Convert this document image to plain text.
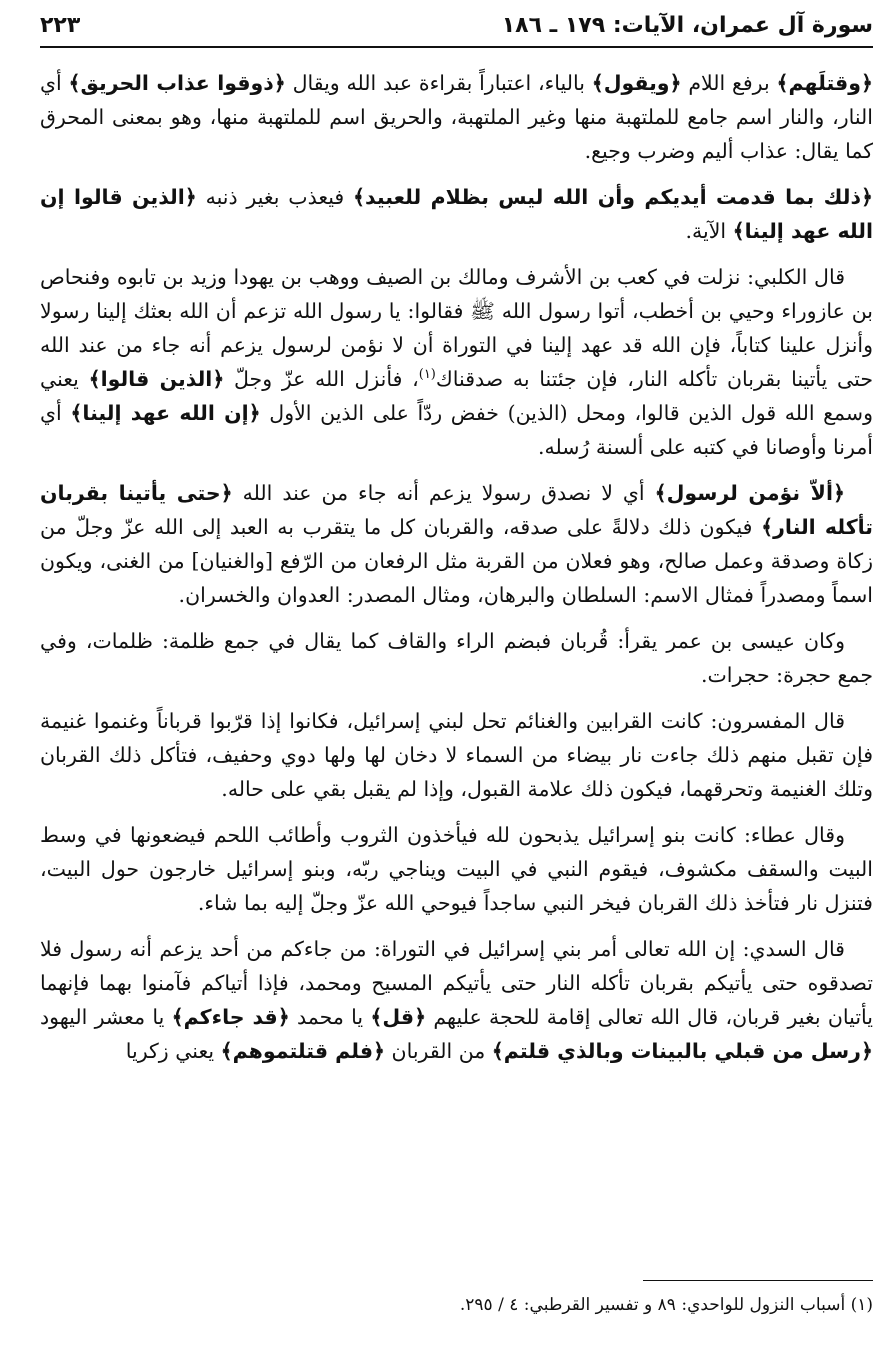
سورة آل عمران، الآيات: ١٧٩ ـ ١٨٦
٢٢٣

﴿وقتلَهم﴾ برفع اللام ﴿ويقول﴾ بالياء، اعتباراً بقراءة عبد الله ويقال ﴿ذوقوا عذاب الحريق﴾ أي النار، والنار اسم جامع للملتهبة منها وغير الملتهبة، والحريق اسم للملتهبة منها، وهو بمعنى المحرق كما يقال: عذاب أليم وضرب وجيع.

﴿ذلك بما قدمت أيديكم وأن الله ليس بظلام للعبيد﴾ فيعذب بغير ذنبه ﴿الذين قالوا إن الله عهد إلينا﴾ الآية.

قال الكلبي: نزلت في كعب بن الأشرف ومالك بن الصيف ووهب بن يهودا وزيد بن تابوه وفنحاص بن عازوراء وحيي بن أخطب، أتوا رسول الله ﷺ فقالوا: يا رسول الله تزعم أن الله بعثك إلينا رسولا وأنزل علينا كتاباً، فإن الله قد عهد إلينا في التوراة أن لا نؤمن لرسول يزعم أنه جاء من عند الله حتى يأتينا بقربان تأكله النار، فإن جئتنا به صدقناك$^{(١)}$، فأنزل الله عزّ وجلّ ﴿الذين قالوا﴾ يعني وسمع الله قول الذين قالوا، ومحل (الذين) خفض ردّاً على الذين الأول ﴿إن الله عهد إلينا﴾ أي أمرنا وأوصانا في كتبه على ألسنة رُسله.

﴿ألاّ نؤمن لرسول﴾ أي لا نصدق رسولا يزعم أنه جاء من عند الله ﴿حتى يأتينا بقربان تأكله النار﴾ فيكون ذلك دلالةً على صدقه، والقربان كل ما يتقرب به العبد إلى الله عزّ وجلّ من زكاة وصدقة وعمل صالح، وهو فعلان من القربة مثل الرفعان من الرّفع [والغنيان] من الغنى، ويكون اسماً ومصدراً فمثال الاسم: السلطان والبرهان، ومثال المصدر: العدوان والخسران.

وكان عيسى بن عمر يقرأ: قُربان فبضم الراء والقاف كما يقال في جمع ظلمة: ظلمات، وفي جمع حجرة: حجرات.

قال المفسرون: كانت القرابين والغنائم تحل لبني إسرائيل، فكانوا إذا قرّبوا قرباناً وغنموا غنيمة فإن تقبل منهم ذلك جاءت نار بيضاء من السماء لا دخان لها ولها دوي وحفيف، فتأكل ذلك القربان وتلك الغنيمة وتحرقهما، فيكون ذلك علامة القبول، وإذا لم يقبل بقي على حاله.

وقال عطاء: كانت بنو إسرائيل يذبحون لله فيأخذون الثروب وأطائب اللحم فيضعونها في وسط البيت والسقف مكشوف، فيقوم النبي في البيت ويناجي ربّه، وبنو إسرائيل خارجون حول البيت، فتنزل نار فتأخذ ذلك القربان فيخر النبي ساجداً فيوحي الله عزّ وجلّ إليه بما شاء.

قال السدي: إن الله تعالى أمر بني إسرائيل في التوراة: من جاءكم من أحد يزعم أنه رسول فلا تصدقوه حتى يأتيكم بقربان تأكله النار حتى يأتيكم المسيح ومحمد، فإذا أتياكم فآمنوا بهما فإنهما يأتيان بغير قربان، قال الله تعالى إقامة للحجة عليهم ﴿قل﴾ يا محمد ﴿قد جاءكم﴾ يا معشر اليهود ﴿رسل من قبلي بالبينات وبالذي قلتم﴾ من القربان ﴿فلم قتلتموهم﴾ يعني زكريا

(١) أسباب النزول للواحدي: ٨٩ و تفسير القرطبي: ٤ / ٢٩٥.
